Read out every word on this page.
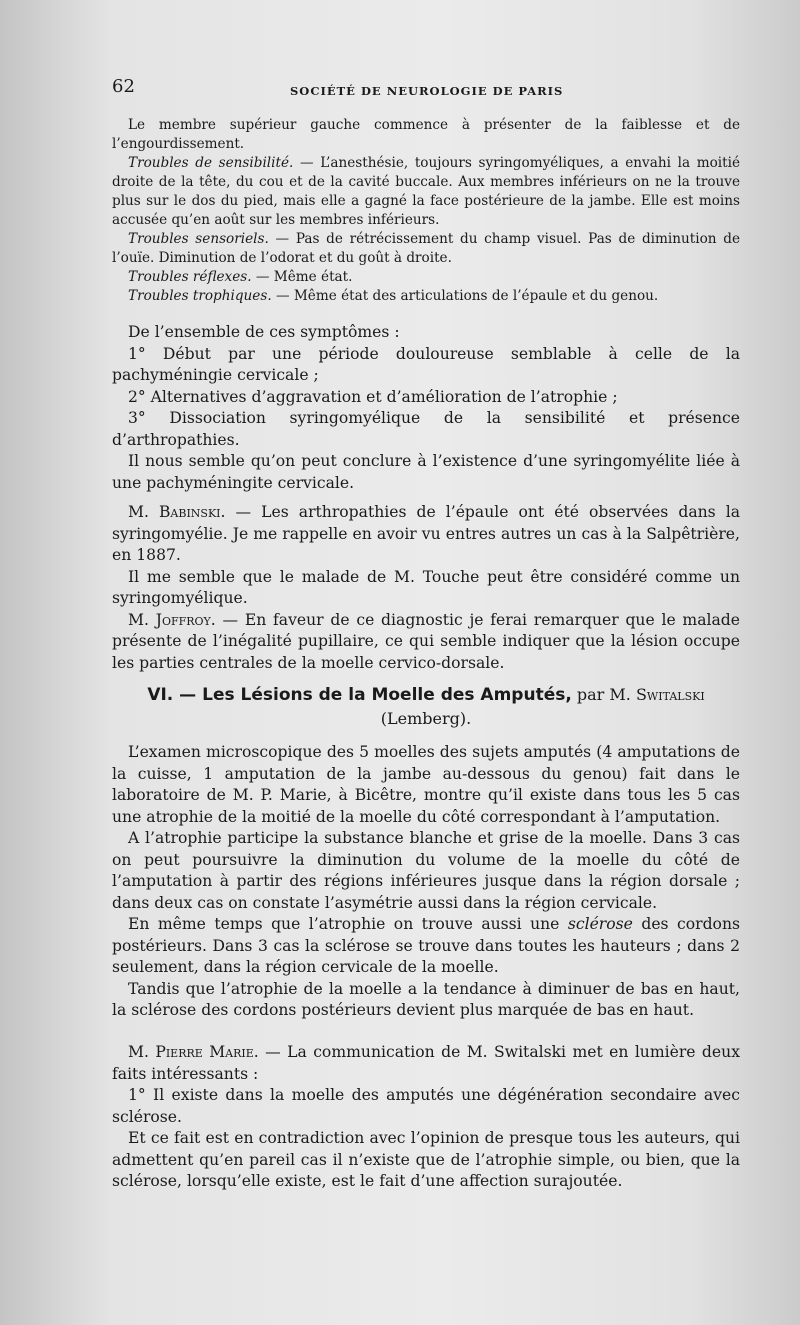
62	SOCIÉTÉ DE NEUROLOGIE DE PARIS

Le membre supérieur gauche commence à présenter de la faiblesse et de l’engourdissement.

Troubles de sensibilité. — L’anesthésie, toujours syringomyéliques, a envahi la moitié droite de la tête, du cou et de la cavité buccale. Aux membres inférieurs on ne la trouve plus sur le dos du pied, mais elle a gagné la face postérieure de la jambe. Elle est moins accusée qu’en août sur les membres inférieurs.

Troubles sensoriels. — Pas de rétrécissement du champ visuel. Pas de diminution de l’ouïe. Diminution de l’odorat et du goût à droite.

Troubles réflexes. — Même état.

Troubles trophiques. — Même état des articulations de l’épaule et du genou.

De l’ensemble de ces symptômes :

1° Début par une période douloureuse semblable à celle de la pachyméningie cervicale ;

2° Alternatives d’aggravation et d’amélioration de l’atrophie ;

3° Dissociation syringomyélique de la sensibilité et présence d’arthropathies.

Il nous semble qu’on peut conclure à l’existence d’une syringomyélite liée à une pachyméningite cervicale.

M. Babinski. — Les arthropathies de l’épaule ont été observées dans la syringomyélie. Je me rappelle en avoir vu entres autres un cas à la Salpêtrière, en 1887.

Il me semble que le malade de M. Touche peut être considéré comme un syringomyélique.

M. Joffroy. — En faveur de ce diagnostic je ferai remarquer que le malade présente de l’inégalité pupillaire, ce qui semble indiquer que la lésion occupe les parties centrales de la moelle cervico-dorsale.

VI. — Les Lésions de la Moelle des Amputés, par M. Switalski
(Lemberg).

L’examen microscopique des 5 moelles des sujets amputés (4 amputations de la cuisse, 1 amputation de la jambe au-dessous du genou) fait dans le laboratoire de M. P. Marie, à Bicêtre, montre qu’il existe dans tous les 5 cas une atrophie de la moitié de la moelle du côté correspondant à l’amputation.

A l’atrophie participe la substance blanche et grise de la moelle. Dans 3 cas on peut poursuivre la diminution du volume de la moelle du côté de l’amputation à partir des régions inférieures jusque dans la région dorsale ; dans deux cas on constate l’asymétrie aussi dans la région cervicale.

En même temps que l’atrophie on trouve aussi une sclérose des cordons postérieurs. Dans 3 cas la sclérose se trouve dans toutes les hauteurs ; dans 2 seulement, dans la région cervicale de la moelle.

Tandis que l’atrophie de la moelle a la tendance à diminuer de bas en haut, la sclérose des cordons postérieurs devient plus marquée de bas en haut.

M. Pierre Marie. — La communication de M. Switalski met en lumière deux faits intéressants :

1° Il existe dans la moelle des amputés une dégénération secondaire avec sclérose.

Et ce fait est en contradiction avec l’opinion de presque tous les auteurs, qui admettent qu’en pareil cas il n’existe que de l’atrophie simple, ou bien, que la sclérose, lorsqu’elle existe, est le fait d’une affection surajoutée.
